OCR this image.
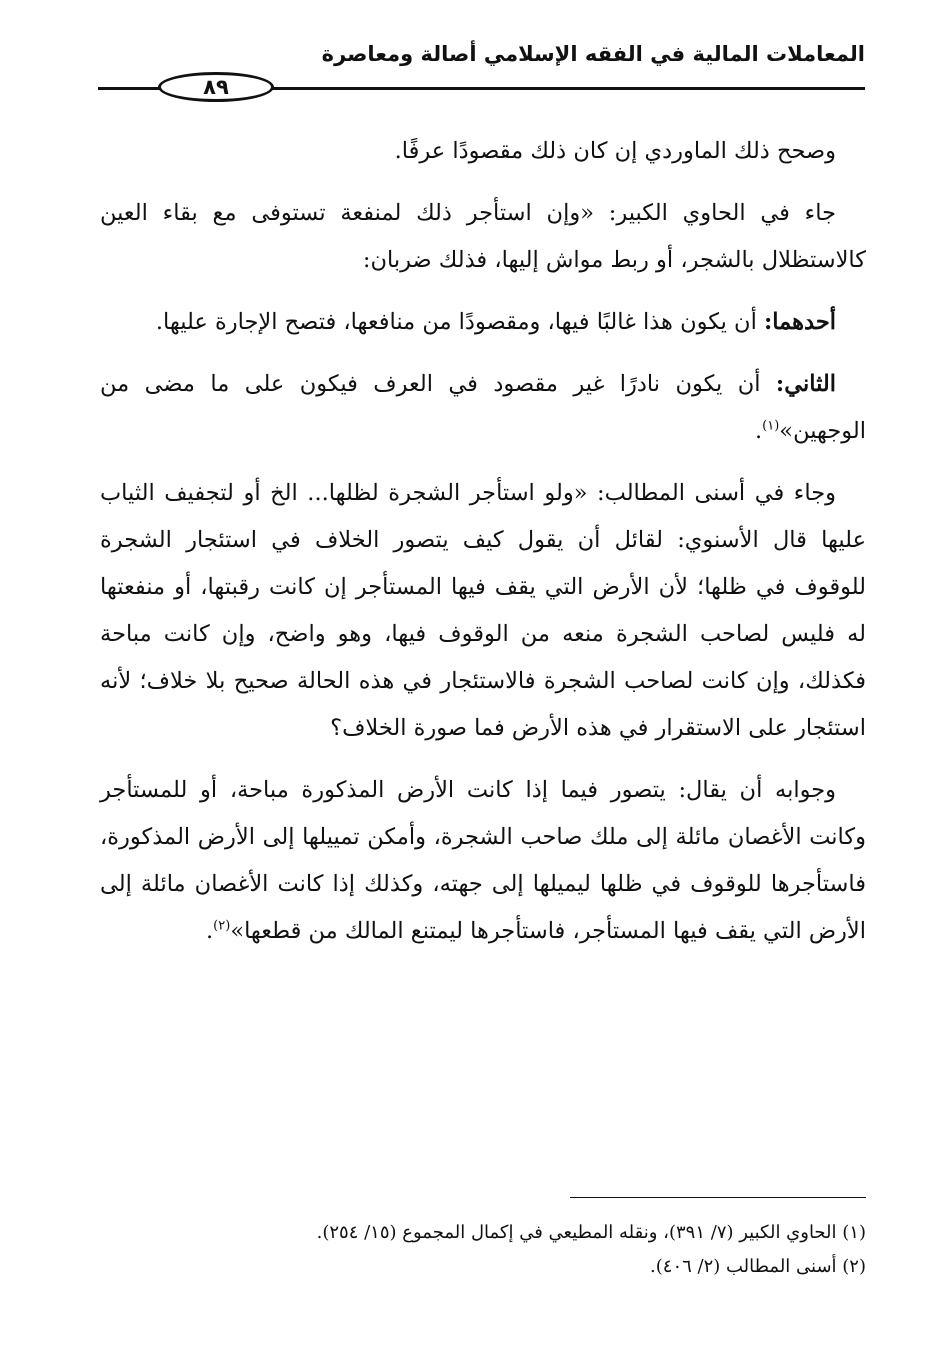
المعاملات المالية في الفقه الإسلامي أصالة ومعاصرة
٨٩

وصحح ذلك الماوردي إن كان ذلك مقصودًا عرفًا.

جاء في الحاوي الكبير: «وإن استأجر ذلك لمنفعة تستوفى مع بقاء العين كالاستظلال بالشجر، أو ربط مواش إليها، فذلك ضربان:

أحدهما: أن يكون هذا غالبًا فيها، ومقصودًا من منافعها، فتصح الإجارة عليها.

الثاني: أن يكون نادرًا غير مقصود في العرف فيكون على ما مضى من الوجهين»$^{(١)}$.

وجاء في أسنى المطالب: «ولو استأجر الشجرة لظلها... الخ أو لتجفيف الثياب عليها قال الأسنوي: لقائل أن يقول كيف يتصور الخلاف في استئجار الشجرة للوقوف في ظلها؛ لأن الأرض التي يقف فيها المستأجر إن كانت رقبتها، أو منفعتها له فليس لصاحب الشجرة منعه من الوقوف فيها، وهو واضح، وإن كانت مباحة فكذلك، وإن كانت لصاحب الشجرة فالاستئجار في هذه الحالة صحيح بلا خلاف؛ لأنه استئجار على الاستقرار في هذه الأرض فما صورة الخلاف؟

وجوابه أن يقال: يتصور فيما إذا كانت الأرض المذكورة مباحة، أو للمستأجر وكانت الأغصان مائلة إلى ملك صاحب الشجرة، وأمكن تمييلها إلى الأرض المذكورة، فاستأجرها للوقوف في ظلها ليميلها إلى جهته، وكذلك إذا كانت الأغصان مائلة إلى الأرض التي يقف فيها المستأجر، فاستأجرها ليمتنع المالك من قطعها»$^{(٢)}$.

(١) الحاوي الكبير (٧/ ٣٩١)، ونقله المطيعي في إكمال المجموع (١٥/ ٢٥٤).

(٢) أسنى المطالب (٢/ ٤٠٦).
